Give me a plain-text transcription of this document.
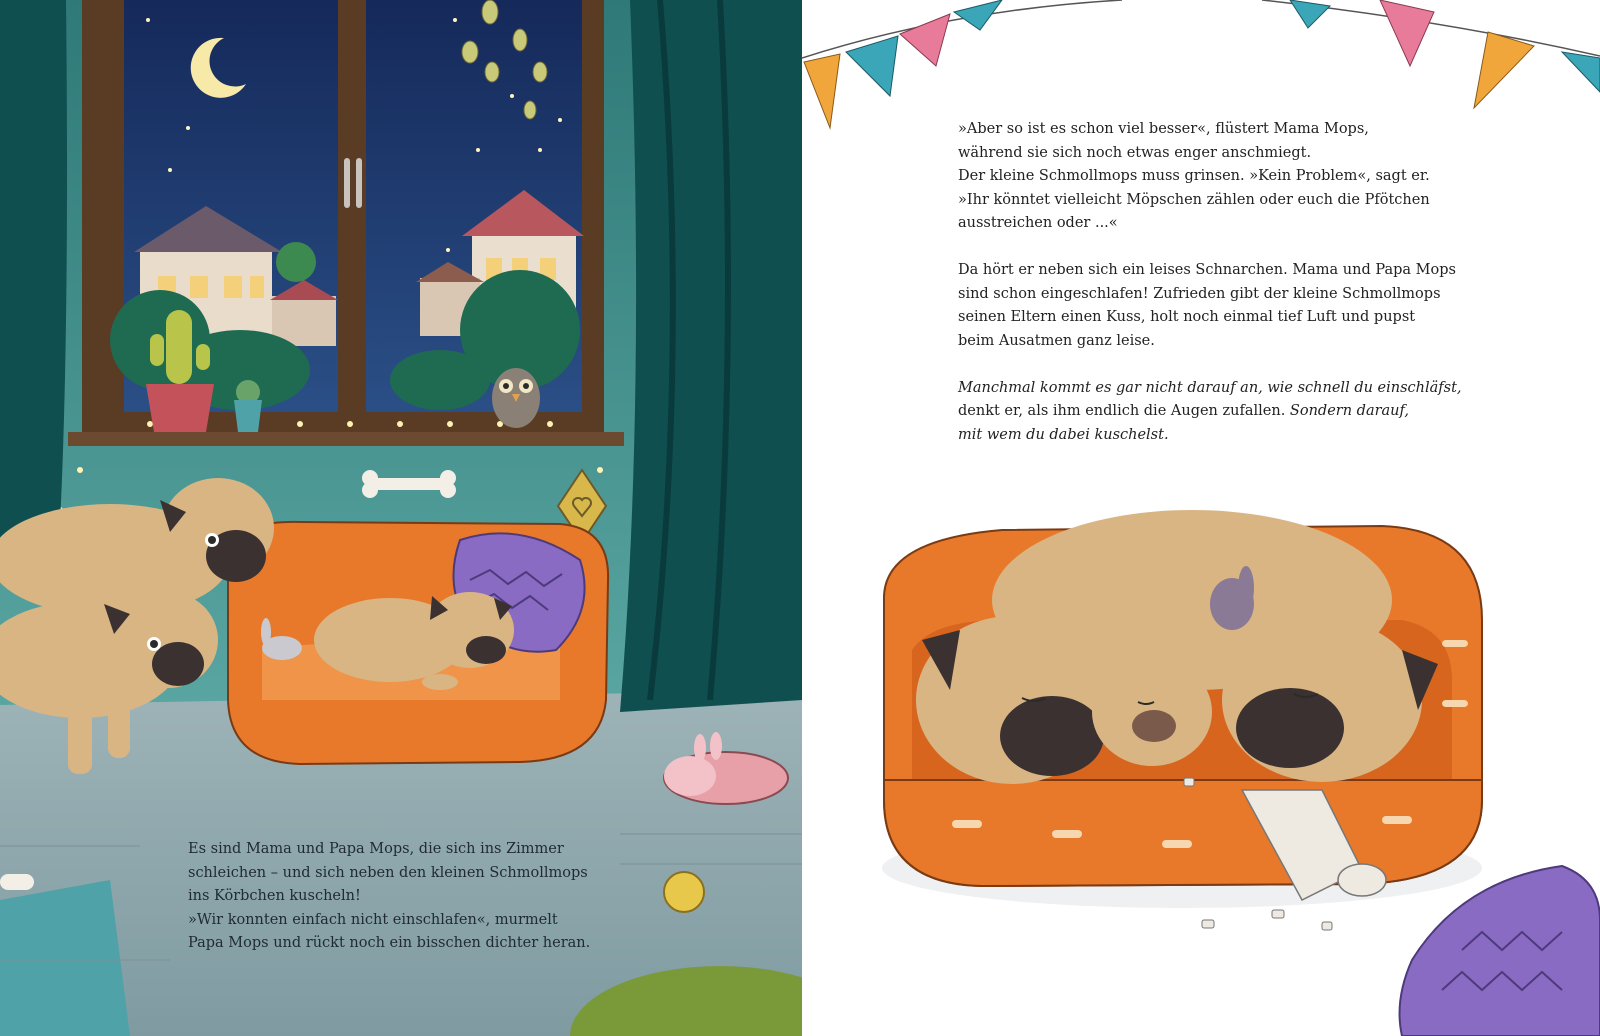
Es sind Mama und Papa Mops, die sich ins Zimmer
schleichen – und sich neben den kleinen Schmollmops
ins Körbchen kuscheln!
»Wir konnten einfach nicht einschlafen«, murmelt
Papa Mops und rückt noch ein bisschen dichter heran.
»Aber so ist es schon viel besser«, flüstert Mama Mops,
während sie sich noch etwas enger anschmiegt.
Der kleine Schmollmops muss grinsen. »Kein Problem«, sagt er.
»Ihr könntet vielleicht Möpschen zählen oder euch die Pfötchen
ausstreichen oder ...«
Da hört er neben sich ein leises Schnarchen. Mama und Papa Mops
sind schon eingeschlafen! Zufrieden gibt der kleine Schmollmops
seinen Eltern einen Kuss, holt noch einmal tief Luft und pupst
beim Ausatmen ganz leise.
Manchmal kommt es gar nicht darauf an, wie schnell du einschläfst,
denkt er, als ihm endlich die Augen zufallen. Sondern darauf,
mit wem du dabei kuschelst.
